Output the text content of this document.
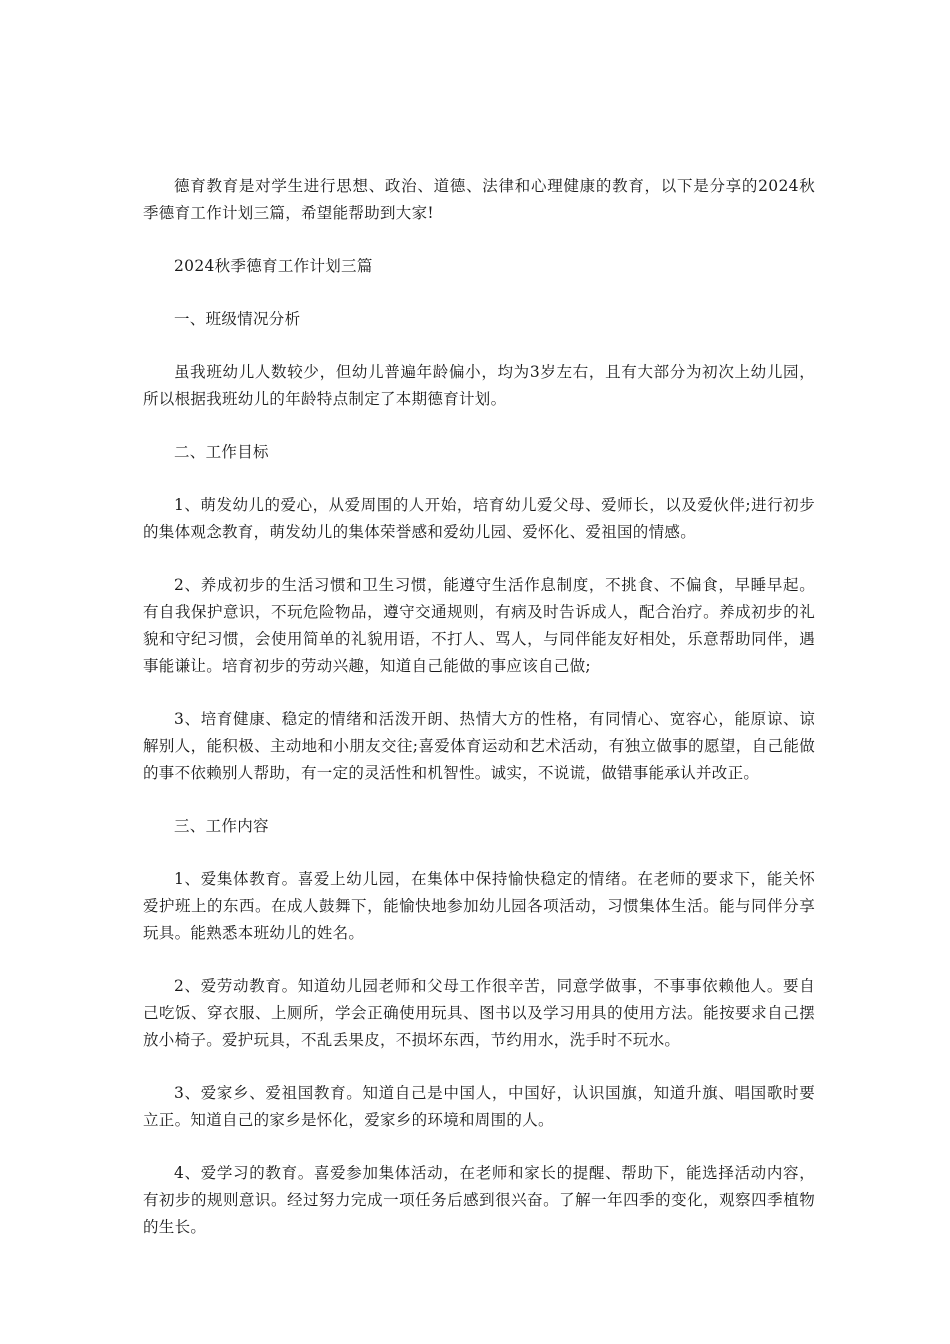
德育教育是对学生进行思想、政治、道德、法律和心理健康的教育，以下是分享的2024秋季德育工作计划三篇，希望能帮助到大家!

2024秋季德育工作计划三篇

一、班级情况分析

虽我班幼儿人数较少，但幼儿普遍年龄偏小，均为3岁左右，且有大部分为初次上幼儿园，所以根据我班幼儿的年龄特点制定了本期德育计划。

二、工作目标

1、萌发幼儿的爱心，从爱周围的人开始，培育幼儿爱父母、爱师长，以及爱伙伴;进行初步的集体观念教育，萌发幼儿的集体荣誉感和爱幼儿园、爱怀化、爱祖国的情感。

2、养成初步的生活习惯和卫生习惯，能遵守生活作息制度，不挑食、不偏食，早睡早起。有自我保护意识，不玩危险物品，遵守交通规则，有病及时告诉成人，配合治疗。养成初步的礼貌和守纪习惯，会使用简单的礼貌用语，不打人、骂人，与同伴能友好相处，乐意帮助同伴，遇事能谦让。培育初步的劳动兴趣，知道自己能做的事应该自己做;

3、培育健康、稳定的情绪和活泼开朗、热情大方的性格，有同情心、宽容心，能原谅、谅解别人，能积极、主动地和小朋友交往;喜爱体育运动和艺术活动，有独立做事的愿望，自己能做的事不依赖别人帮助，有一定的灵活性和机智性。诚实，不说谎，做错事能承认并改正。

三、工作内容

1、爱集体教育。喜爱上幼儿园，在集体中保持愉快稳定的情绪。在老师的要求下，能关怀爱护班上的东西。在成人鼓舞下，能愉快地参加幼儿园各项活动，习惯集体生活。能与同伴分享玩具。能熟悉本班幼儿的姓名。

2、爱劳动教育。知道幼儿园老师和父母工作很辛苦，同意学做事，不事事依赖他人。要自己吃饭、穿衣服、上厕所，学会正确使用玩具、图书以及学习用具的使用方法。能按要求自己摆放小椅子。爱护玩具，不乱丢果皮，不损坏东西，节约用水，洗手时不玩水。

3、爱家乡、爱祖国教育。知道自己是中国人，中国好，认识国旗，知道升旗、唱国歌时要立正。知道自己的家乡是怀化，爱家乡的环境和周围的人。

4、爱学习的教育。喜爱参加集体活动，在老师和家长的提醒、帮助下，能选择活动内容，有初步的规则意识。经过努力完成一项任务后感到很兴奋。了解一年四季的变化，观察四季植物的生长。
